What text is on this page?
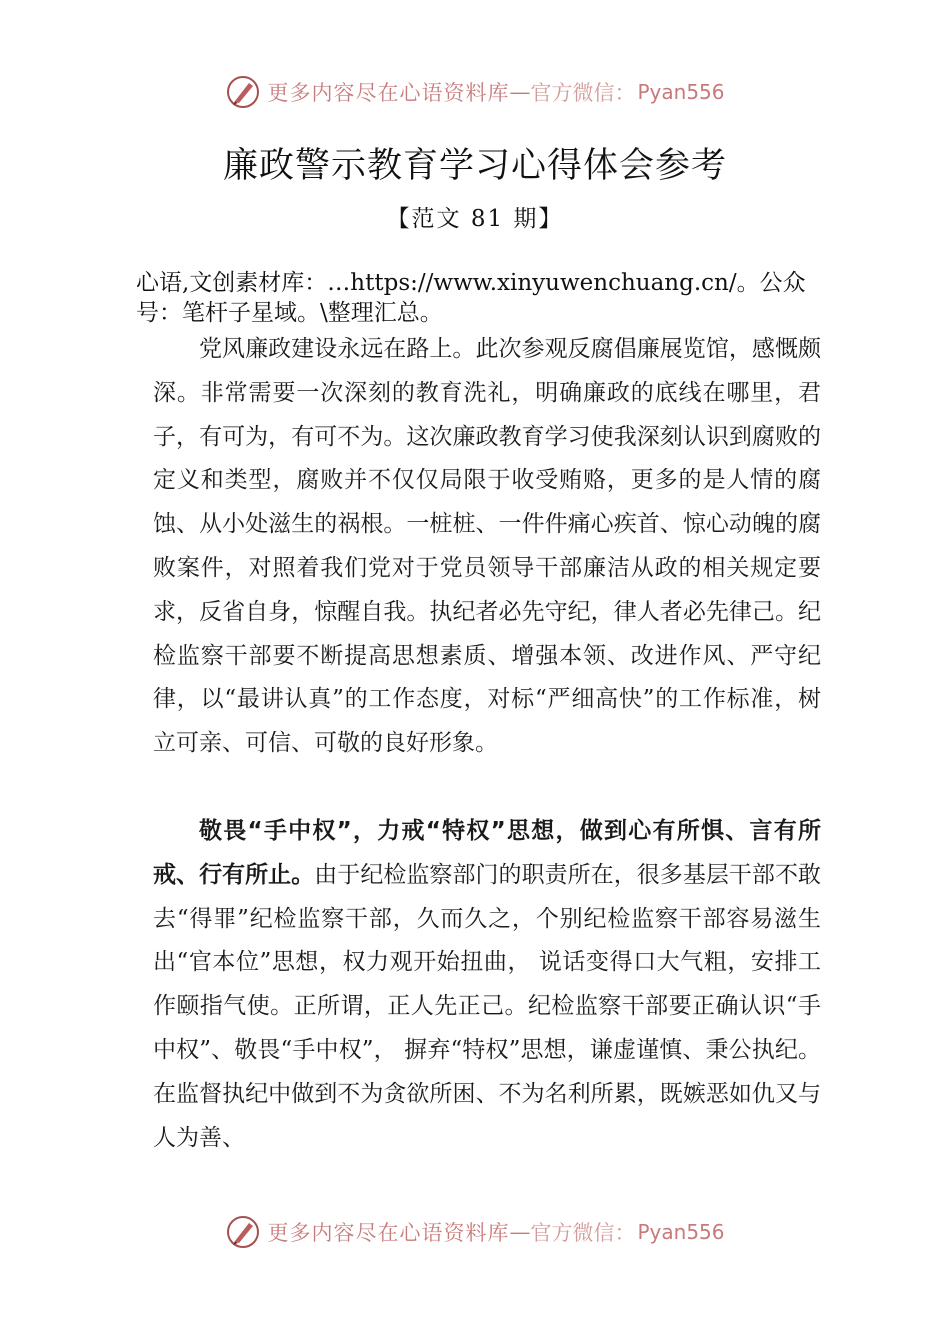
更多内容尽在心语资料库 — 官方微信： Pyan556
廉政警示教育学习心得体会参考
【范文 81 期】
心语,文创素材库：…https://www.xinyuwenchuang.cn/。公众号：笔杆子星域。\整理汇总。
党风廉政建设永远在路上。此次参观反腐倡廉展览馆，感慨颇深。非常需要一次深刻的教育洗礼，明确廉政的底线在哪里，君子，有可为，有可不为。这次廉政教育学习使我深刻认识到腐败的定义和类型，腐败并不仅仅局限于收受贿赂，更多的是人情的腐蚀、从小处滋生的祸根。一桩桩、一件件痛心疾首、惊心动魄的腐败案件，对照着我们党对于党员领导干部廉洁从政的相关规定要求，反省自身，惊醒自我。执纪者必先守纪，律人者必先律己。纪检监察干部要不断提高思想素质、增强本领、改进作风、严守纪律，以“最讲认真”的工作态度，对标“严细高快”的工作标准，树立可亲、可信、可敬的良好形象。
敬畏“手中权”，力戒“特权”思想，做到心有所惧、言有所戒、行有所止。由于纪检监察部门的职责所在，很多基层干部不敢去“得罪”纪检监察干部，久而久之，个别纪检监察干部容易滋生出“官本位”思想，权力观开始扭曲， 说话变得口大气粗，安排工作颐指气使。正所谓，正人先正己。纪检监察干部要正确认识“手中权”、敬畏“手中权”， 摒弃“特权”思想，谦虚谨慎、秉公执纪。在监督执纪中做到不为贪欲所困、不为名利所累，既嫉恶如仇又与人为善、
更多内容尽在心语资料库 — 官方微信： Pyan556
